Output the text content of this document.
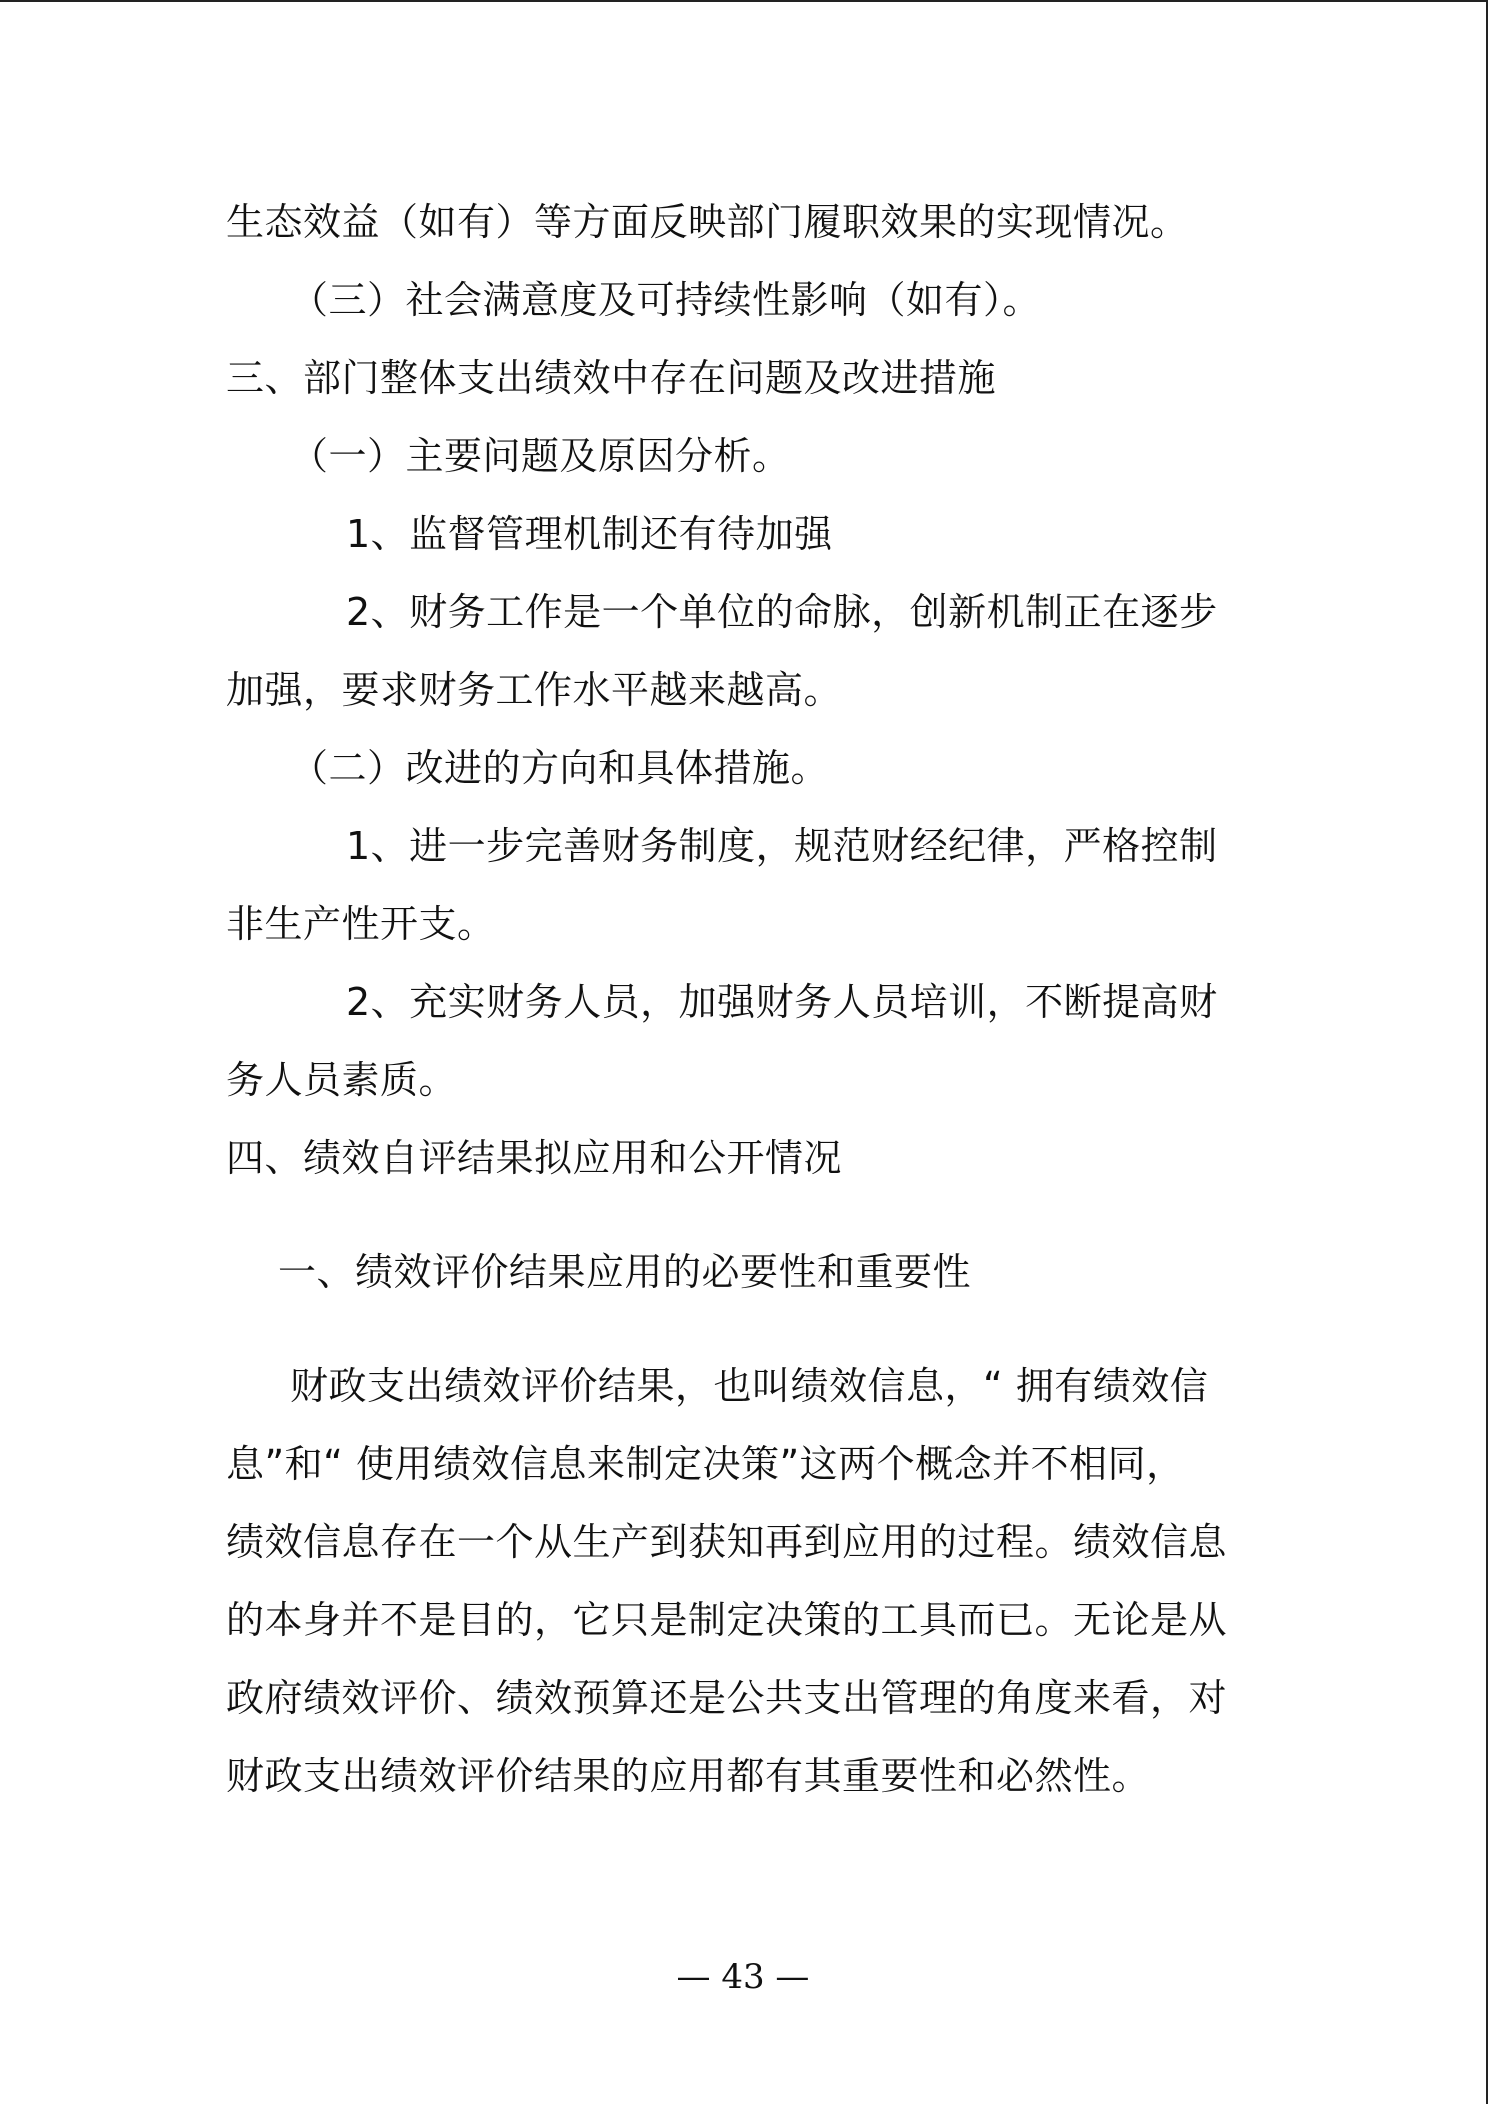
生态效益（如有）等方面反映部门履职效果的实现情况。
（三）社会满意度及可持续性影响（如有）。
三、部门整体支出绩效中存在问题及改进措施
（一）主要问题及原因分析。
1、监督管理机制还有待加强
2、财务工作是一个单位的命脉，创新机制正在逐步
加强，要求财务工作水平越来越高。
（二）改进的方向和具体措施。
1、进一步完善财务制度，规范财经纪律，严格控制
非生产性开支。
2、充实财务人员，加强财务人员培训，不断提高财
务人员素质。
四、绩效自评结果拟应用和公开情况
一、绩效评价结果应用的必要性和重要性
财政支出绩效评价结果，也叫绩效信息，“ 拥有绩效信
息”和“ 使用绩效信息来制定决策”这两个概念并不相同，
绩效信息存在一个从生产到获知再到应用的过程。绩效信息
的本身并不是目的，它只是制定决策的工具而已。无论是从
政府绩效评价、绩效预算还是公共支出管理的角度来看，对
财政支出绩效评价结果的应用都有其重要性和必然性。
— 43 —
